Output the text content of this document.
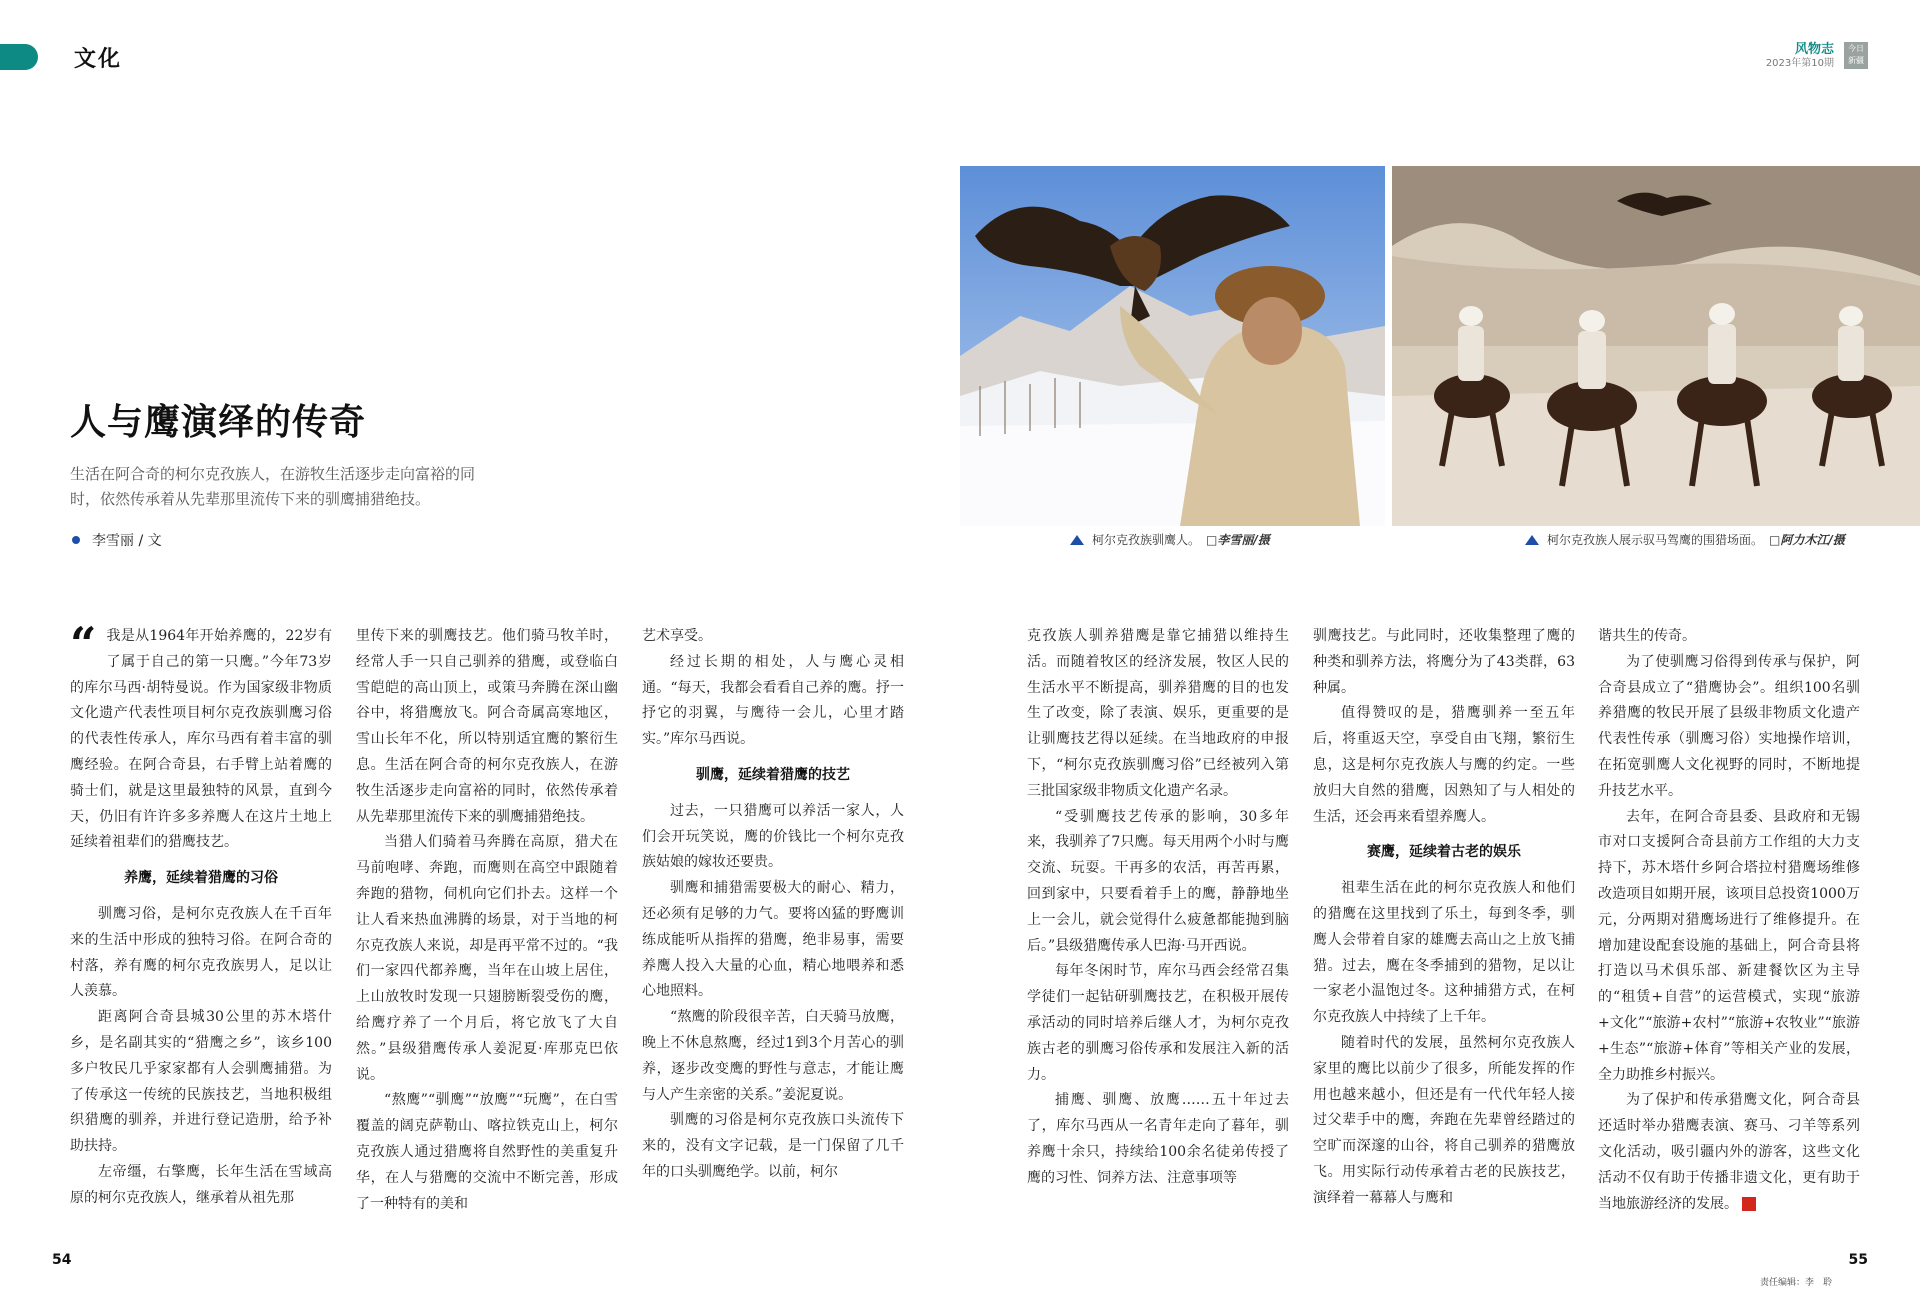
文化	风物志
2023年第10期
今日
新疆
人与鹰演绎的传奇
生活在阿合奇的柯尔克孜族人，在游牧生活逐步走向富裕的同时，依然传承着从先辈那里流传下来的驯鹰捕猎绝技。
李雪丽 / 文	柯尔克孜族驯鹰人。 □李雪丽/摄	柯尔克孜族人展示驭马驾鹰的围猎场面。 □阿力木江/摄

“ 我是从1964年开始养鹰的，22岁有了属于自己的第一只鹰。”今年73岁的库尔马西·胡特曼说。作为国家级非物质文化遗产代表性项目柯尔克孜族驯鹰习俗的代表性传承人，库尔马西有着丰富的驯鹰经验。在阿合奇县，右手臂上站着鹰的骑士们，就是这里最独特的风景，直到今天，仍旧有许许多多养鹰人在这片土地上延续着祖辈们的猎鹰技艺。

养鹰，延续着猎鹰的习俗

驯鹰习俗，是柯尔克孜族人在千百年来的生活中形成的独特习俗。在阿合奇的村落，养有鹰的柯尔克孜族男人，足以让人羡慕。

距离阿合奇县城30公里的苏木塔什乡，是名副其实的“猎鹰之乡”，该乡100多户牧民几乎家家都有人会驯鹰捕猎。为了传承这一传统的民族技艺，当地积极组织猎鹰的驯养，并进行登记造册，给予补助扶持。

左帝缰，右擎鹰，长年生活在雪域高原的柯尔克孜族人，继承着从祖先那

里传下来的驯鹰技艺。他们骑马牧羊时，经常人手一只自己驯养的猎鹰，或登临白雪皑皑的高山顶上，或策马奔腾在深山幽谷中，将猎鹰放飞。阿合奇属高寒地区，雪山长年不化，所以特别适宜鹰的繁衍生息。生活在阿合奇的柯尔克孜族人，在游牧生活逐步走向富裕的同时，依然传承着从先辈那里流传下来的驯鹰捕猎绝技。

当猎人们骑着马奔腾在高原，猎犬在马前咆哮、奔跑，而鹰则在高空中跟随着奔跑的猎物，伺机向它们扑去。这样一个让人看来热血沸腾的场景，对于当地的柯尔克孜族人来说，却是再平常不过的。“我们一家四代都养鹰，当年在山坡上居住，上山放牧时发现一只翅膀断裂受伤的鹰，给鹰疗养了一个月后，将它放飞了大自然。”县级猎鹰传承人姜泥夏·库那克巴依说。

“熬鹰”“驯鹰”“放鹰”“玩鹰”，在白雪覆盖的阔克萨勒山、喀拉铁克山上，柯尔克孜族人通过猎鹰将自然野性的美重复升华，在人与猎鹰的交流中不断完善，形成了一种特有的美和

艺术享受。

经过长期的相处，人与鹰心灵相通。“每天，我都会看看自己养的鹰。抒一抒它的羽翼，与鹰待一会儿，心里才踏实。”库尔马西说。

驯鹰，延续着猎鹰的技艺

过去，一只猎鹰可以养活一家人，人们会开玩笑说，鹰的价钱比一个柯尔克孜族姑娘的嫁妆还要贵。

驯鹰和捕猎需要极大的耐心、精力，还必须有足够的力气。要将凶猛的野鹰训练成能听从指挥的猎鹰，绝非易事，需要养鹰人投入大量的心血，精心地喂养和悉心地照料。

“熬鹰的阶段很辛苦，白天骑马放鹰，晚上不休息熬鹰，经过1到3个月苦心的驯养，逐步改变鹰的野性与意志，才能让鹰与人产生亲密的关系。”姜泥夏说。

驯鹰的习俗是柯尔克孜族口头流传下来的，没有文字记载，是一门保留了几千年的口头驯鹰绝学。以前，柯尔

克孜族人驯养猎鹰是靠它捕猎以维持生活。而随着牧区的经济发展，牧区人民的生活水平不断提高，驯养猎鹰的目的也发生了改变，除了表演、娱乐，更重要的是让驯鹰技艺得以延续。在当地政府的申报下，“柯尔克孜族驯鹰习俗”已经被列入第三批国家级非物质文化遗产名录。

“受驯鹰技艺传承的影响，30多年来，我驯养了7只鹰。每天用两个小时与鹰交流、玩耍。干再多的农活，再苦再累，回到家中，只要看着手上的鹰，静静地坐上一会儿，就会觉得什么疲惫都能抛到脑后。”县级猎鹰传承人巴海·马开西说。

每年冬闲时节，库尔马西会经常召集学徒们一起钻研驯鹰技艺，在积极开展传承活动的同时培养后继人才，为柯尔克孜族古老的驯鹰习俗传承和发展注入新的活力。

捕鹰、驯鹰、放鹰……五十年过去了，库尔马西从一名青年走向了暮年，驯养鹰十余只，持续给100余名徒弟传授了鹰的习性、饲养方法、注意事项等

驯鹰技艺。与此同时，还收集整理了鹰的种类和驯养方法，将鹰分为了43类群，63种属。

值得赞叹的是，猎鹰驯养一至五年后，将重返天空，享受自由飞翔，繁衍生息，这是柯尔克孜族人与鹰的约定。一些放归大自然的猎鹰，因熟知了与人相处的生活，还会再来看望养鹰人。

赛鹰，延续着古老的娱乐

祖辈生活在此的柯尔克孜族人和他们的猎鹰在这里找到了乐土，每到冬季，驯鹰人会带着自家的雄鹰去高山之上放飞捕猎。过去，鹰在冬季捕到的猎物，足以让一家老小温饱过冬。这种捕猎方式，在柯尔克孜族人中持续了上千年。

随着时代的发展，虽然柯尔克孜族人家里的鹰比以前少了很多，所能发挥的作用也越来越小，但还是有一代代年轻人接过父辈手中的鹰，奔跑在先辈曾经踏过的空旷而深邃的山谷，将自己驯养的猎鹰放飞。用实际行动传承着古老的民族技艺，演绎着一幕幕人与鹰和

谐共生的传奇。

为了使驯鹰习俗得到传承与保护，阿合奇县成立了“猎鹰协会”。组织100名驯养猎鹰的牧民开展了县级非物质文化遗产代表性传承（驯鹰习俗）实地操作培训，在拓宽驯鹰人文化视野的同时，不断地提升技艺水平。

去年，在阿合奇县委、县政府和无锡市对口支援阿合奇县前方工作组的大力支持下，苏木塔什乡阿合塔拉村猎鹰场维修改造项目如期开展，该项目总投资1000万元，分两期对猎鹰场进行了维修提升。在增加建设配套设施的基础上，阿合奇县将打造以马术俱乐部、新建餐饮区为主导的“租赁+自营”的运营模式，实现“旅游+文化”“旅游+农村”“旅游+农牧业”“旅游+生态”“旅游+体育”等相关产业的发展，全力助推乡村振兴。

为了保护和传承猎鹰文化，阿合奇县还适时举办猎鹰表演、赛马、刁羊等系列文化活动，吸引疆内外的游客，这些文化活动不仅有助于传播非遗文化，更有助于当地旅游经济的发展。	J

54	55
责任编辑：李　聆
